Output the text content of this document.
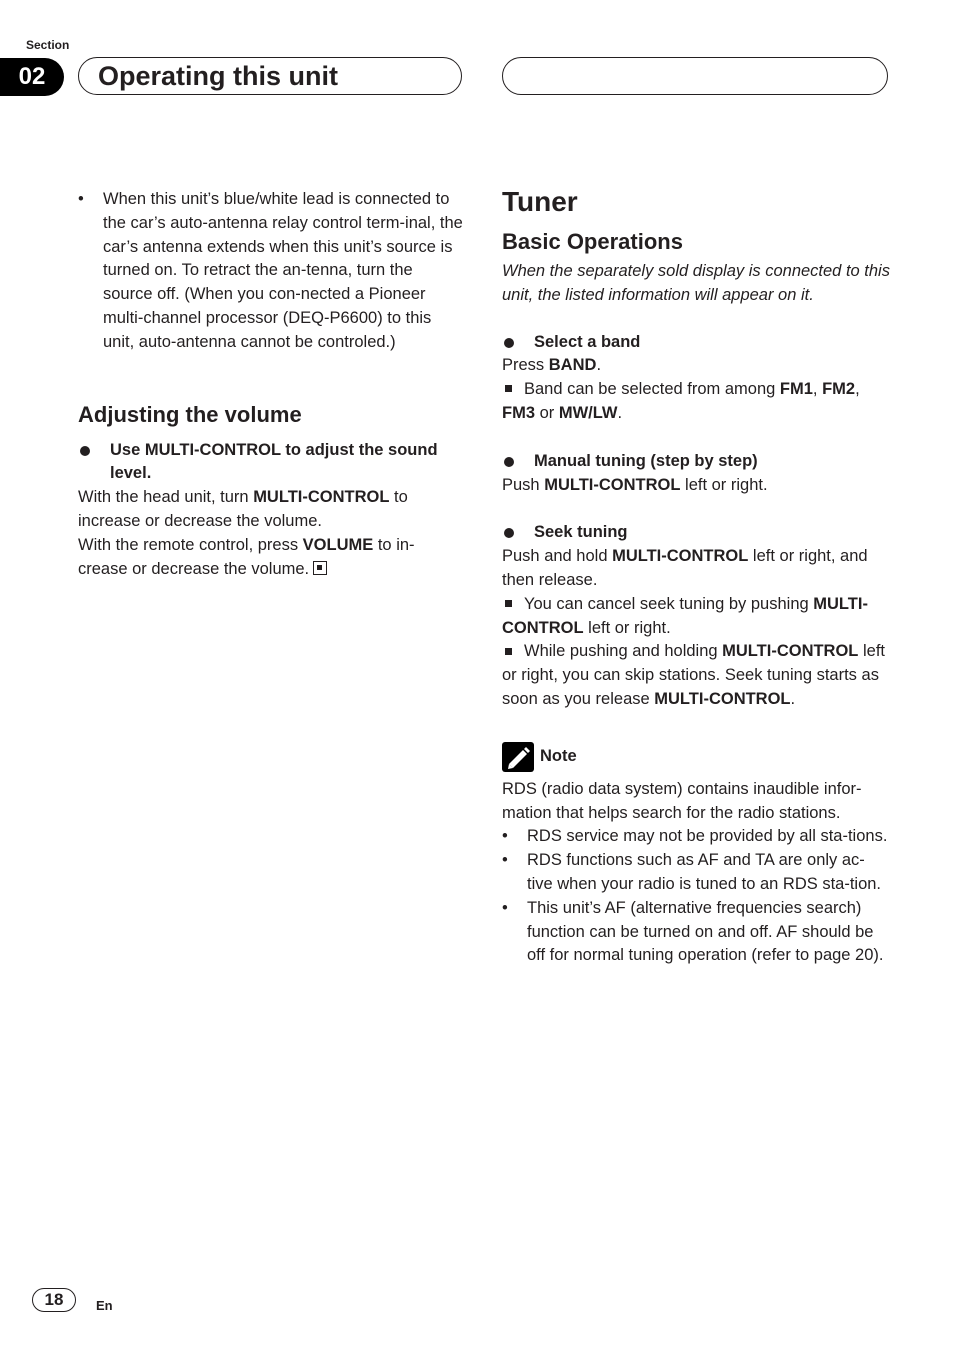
Section
02	Operating this unit
•	When this unit’s blue/white lead is connected to the car’s auto-antenna relay control term-inal, the car’s antenna extends when this unit’s source is turned on. To retract the an-tenna, turn the source off. (When you con-nected a Pioneer multi-channel processor (DEQ-P6600) to this unit, auto-antenna cannot be controled.)

Adjusting the volume

Use MULTI-CONTROL to adjust the sound level.

With the head unit, turn MULTI-CONTROL to increase or decrease the volume.

With the remote control, press VOLUME to in-crease or decrease the volume.

Tuner
Basic Operations

When the separately sold display is connected to this unit, the listed information will appear on it.

Select a band

Press BAND.

Band can be selected from among FM1, FM2, FM3 or MW/LW.

Manual tuning (step by step)

Push MULTI-CONTROL left or right.

Seek tuning

Push and hold MULTI-CONTROL left or right, and then release.

You can cancel seek tuning by pushing MULTI-CONTROL left or right.

While pushing and holding MULTI-CONTROL left or right, you can skip stations. Seek tuning starts as soon as you release MULTI-CONTROL.

Note

RDS (radio data system) contains inaudible infor-mation that helps search for the radio stations.

•	RDS service may not be provided by all sta-tions.

•	RDS functions such as AF and TA are only ac-tive when your radio is tuned to an RDS sta-tion.

•	This unit’s AF (alternative frequencies search) function can be turned on and off. AF should be off for normal tuning operation (refer to page 20).

18	En
